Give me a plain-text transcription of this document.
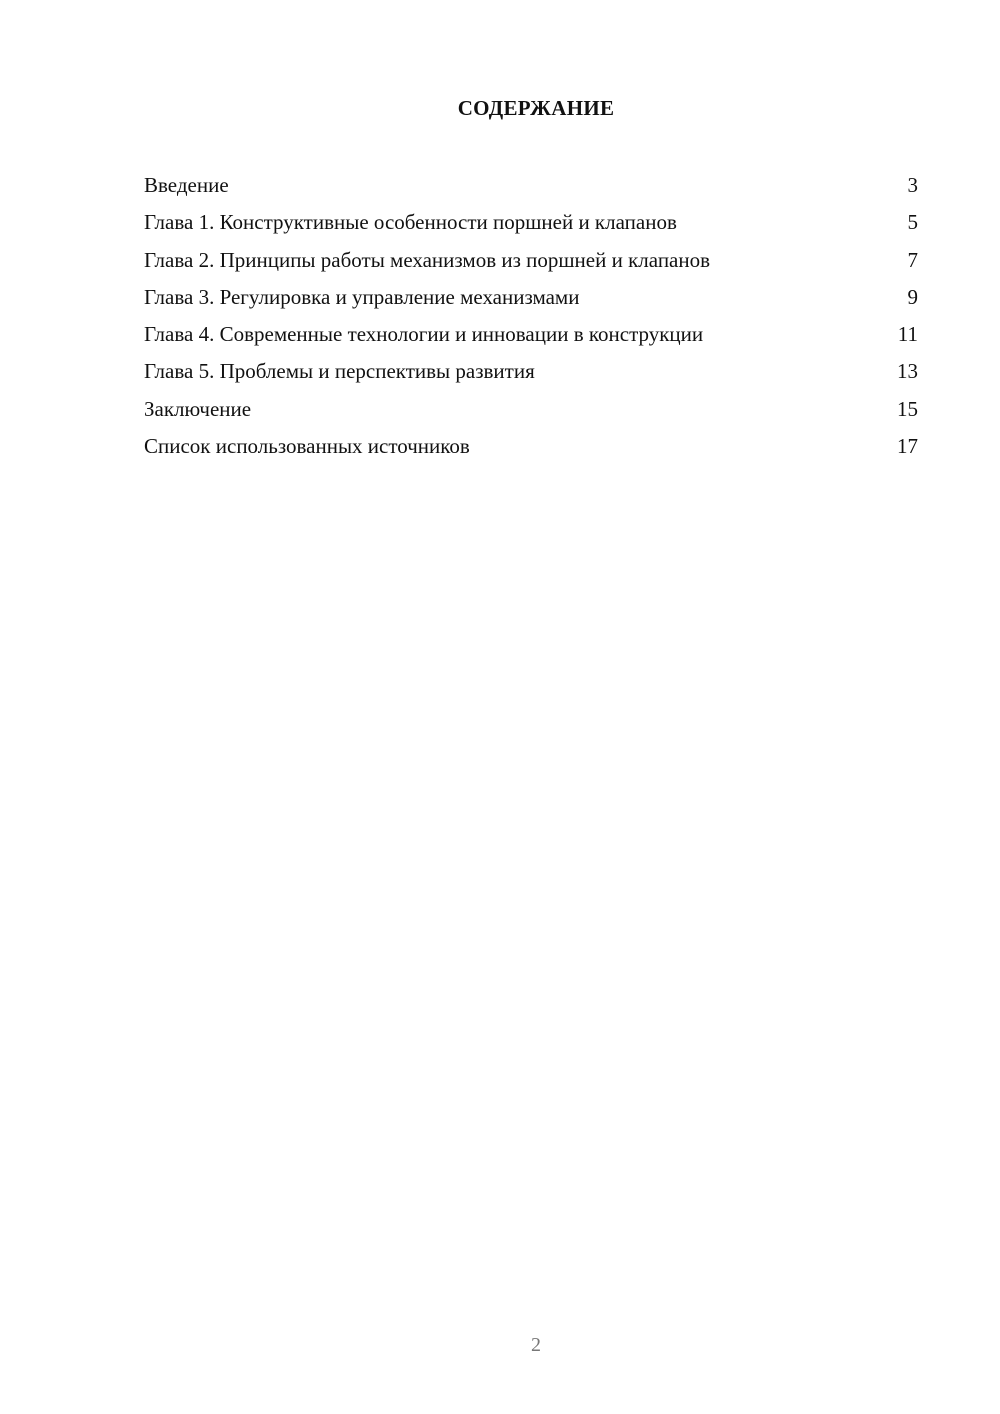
СОДЕРЖАНИЕ
Введение	3
Глава 1. Конструктивные особенности поршней и клапанов	5
Глава 2. Принципы работы механизмов из поршней и клапанов	7
Глава 3. Регулировка и управление механизмами	9
Глава 4. Современные технологии и инновации в конструкции	11
Глава 5. Проблемы и перспективы развития	13
Заключение	15
Список использованных источников	17
2
